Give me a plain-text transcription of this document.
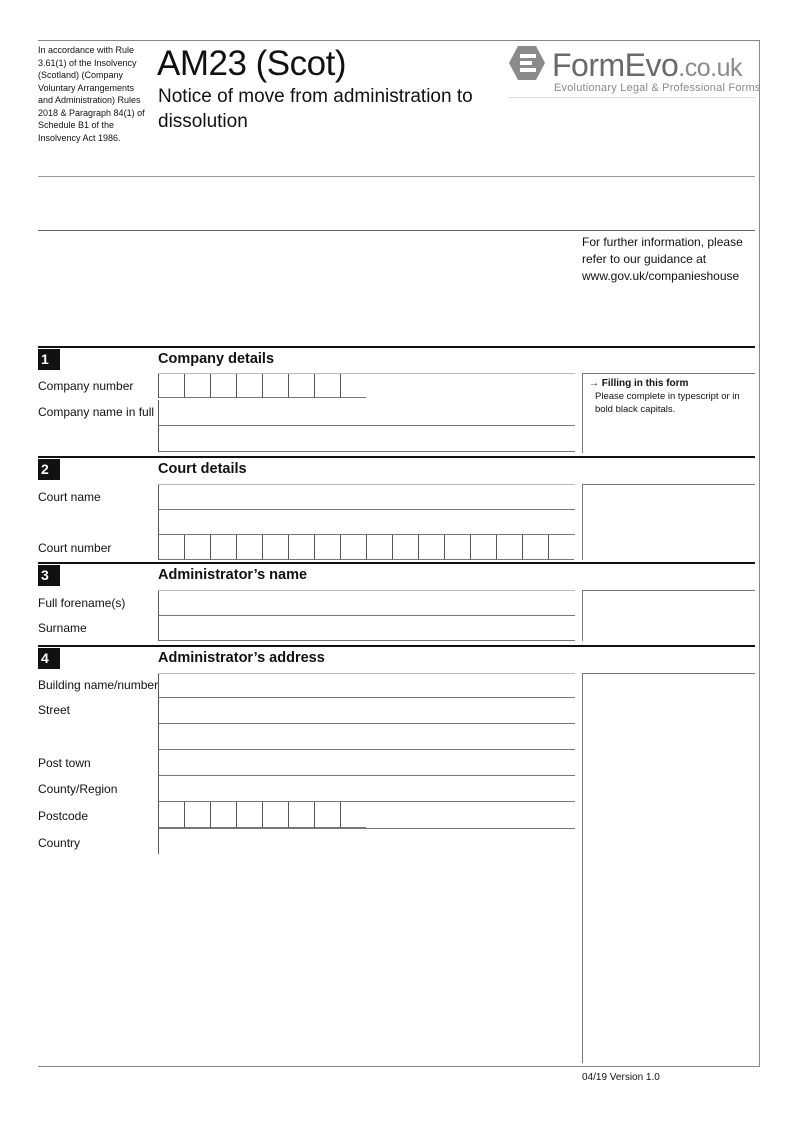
In accordance with Rule 3.61(1) of the Insolvency (Scotland) (Company Voluntary Arrangements and Administration) Rules 2018 & Paragraph 84(1) of Schedule B1 of the Insolvency Act 1986.
AM23 (Scot)
Notice of move from administration to dissolution
FormEvo.co.uk
Evolutionary Legal & Professional Forms
For further information, please refer to our guidance at www.gov.uk/companieshouse
1	Company details
Company number
Company name in full
→ Filling in this form
Please complete in typescript or in bold black capitals.
2	Court details
Court name
Court number
3	Administrator’s name
Full forename(s)
Surname
4	Administrator’s address
Building name/number
Street
Post town
County/Region
Postcode
Country
04/19 Version 1.0
